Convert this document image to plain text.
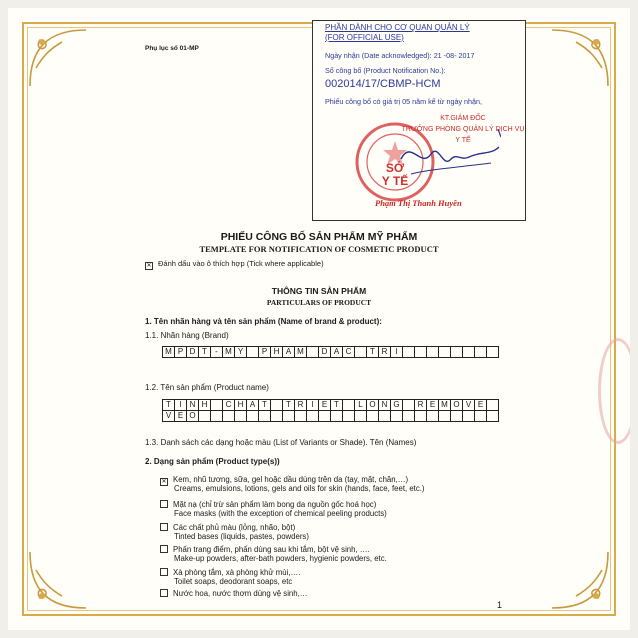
Phụ lục số 01-MP
PHẦN DÀNH CHO CƠ QUAN QUẢN LÝ
(FOR OFFICIAL USE)
Ngày nhận (Date acknowledged): 21 -08- 2017
Số công bố (Product Notification No.):
002014/17/CBMP-HCM
Phiếu công bố có giá trị 05 năm kể từ ngày nhận,
SỞ
Y TẾ
KT.GIÁM ĐỐC
TRƯỞNG PHÒNG QUẢN LÝ DỊCH VỤ Y TẾ
Phạm Thị Thanh Huyền
PHIẾU CÔNG BỐ SẢN PHẨM MỸ PHẨM
TEMPLATE FOR NOTIFICATION OF COSMETIC PRODUCT
✕ Đánh dấu vào ô thích hợp (Tick where applicable)
THÔNG TIN SẢN PHẨM
PARTICULARS OF PRODUCT
1. Tên nhãn hàng và tên sản phẩm (Name of brand & product):
1.1. Nhãn hàng (Brand)
M P D T	- M Y	P H A M	D A C	T R I
1.2. Tên sản phẩm (Product name)
T	I	N H	C H A T	T R I	E T	L O N G	R E M O V E
V E O
1.3. Danh sách các dạng hoặc màu (List of Variants or Shade). Tên (Names)
2. Dạng sản phẩm (Product type(s))
✕ Kem, nhũ tương, sữa, gel hoặc dầu dùng trên da (tay, mặt, chân,…)
Creams, emulsions, lotions, gels and oils for skin (hands, face, feet, etc.)
Mặt nạ (chỉ trừ sản phẩm làm bong da nguồn gốc hoá học)
Face masks (with the exception of chemical peeling products)
Các chất phủ màu (lỏng, nhão, bột)
Tinted bases (liquids, pastes, powders)
Phấn trang điểm, phấn dùng sau khi tắm, bột vệ sinh, ….
Make-up powders, after-bath powders, hygienic powders, etc.
Xà phòng tắm, xà phòng khử mùi,….
Toilet soaps, deodorant soaps, etc
Nước hoa, nước thơm dùng vệ sinh,…
1
